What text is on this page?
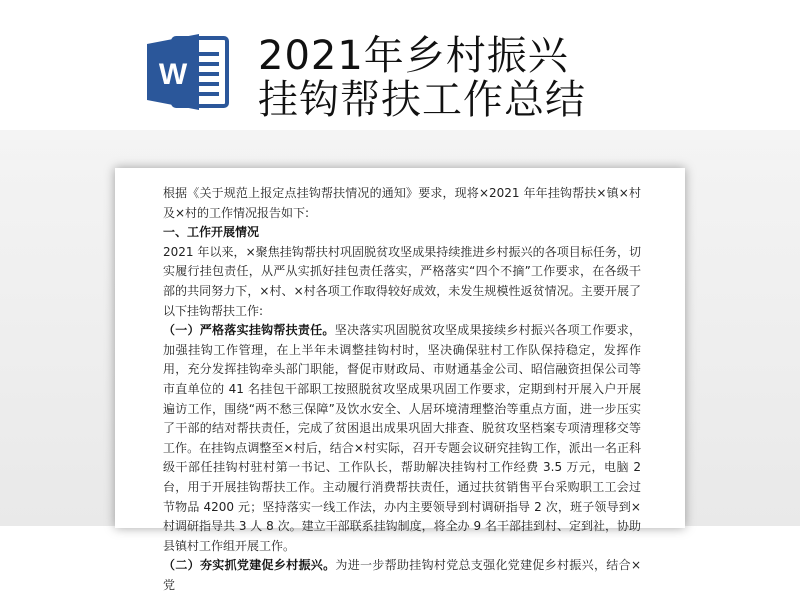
W 2021年乡村振兴
挂钩帮扶工作总结

根据《关于规范上报定点挂钩帮扶情况的通知》要求，现将×2021 年年挂钩帮扶×镇×村及×村的工作情况报告如下:

一、工作开展情况

2021 年以来，×聚焦挂钩帮扶村巩固脱贫攻坚成果持续推进乡村振兴的各项目标任务，切实履行挂包责任，从严从实抓好挂包责任落实，严格落实“四个不摘”工作要求，在各级干部的共同努力下，×村、×村各项工作取得较好成效，未发生规模性返贫情况。主要开展了以下挂钩帮扶工作:

（一）严格落实挂钩帮扶责任。坚决落实巩固脱贫攻坚成果接续乡村振兴各项工作要求，加强挂钩工作管理，在上半年未调整挂钩村时，坚决确保驻村工作队保持稳定，发挥作用，充分发挥挂钩牵头部门职能，督促市财政局、市财通基金公司、昭信融资担保公司等市直单位的 41 名挂包干部职工按照脱贫攻坚成果巩固工作要求，定期到村开展入户开展遍访工作，围绕“两不愁三保障”及饮水安全、人居环境清理整治等重点方面，进一步压实了干部的结对帮扶责任，完成了贫困退出成果巩固大排查、脱贫攻坚档案专项清理移交等工作。在挂钩点调整至×村后，结合×村实际，召开专题会议研究挂钩工作，派出一名正科级干部任挂钩村驻村第一书记、工作队长，帮助解决挂钩村工作经费 3.5 万元，电脑 2 台，用于开展挂钩帮扶工作。主动履行消费帮扶责任，通过扶贫销售平台采购职工工会过节物品 4200 元；坚持落实一线工作法，办内主要领导到村调研指导 2 次，班子领导到×村调研指导共 3 人 8 次。建立干部联系挂钩制度，将全办 9 名干部挂到村、定到社，协助县镇村工作组开展工作。

（二）夯实抓党建促乡村振兴。为进一步帮助挂钩村党总支强化党建促乡村振兴，结合×党
